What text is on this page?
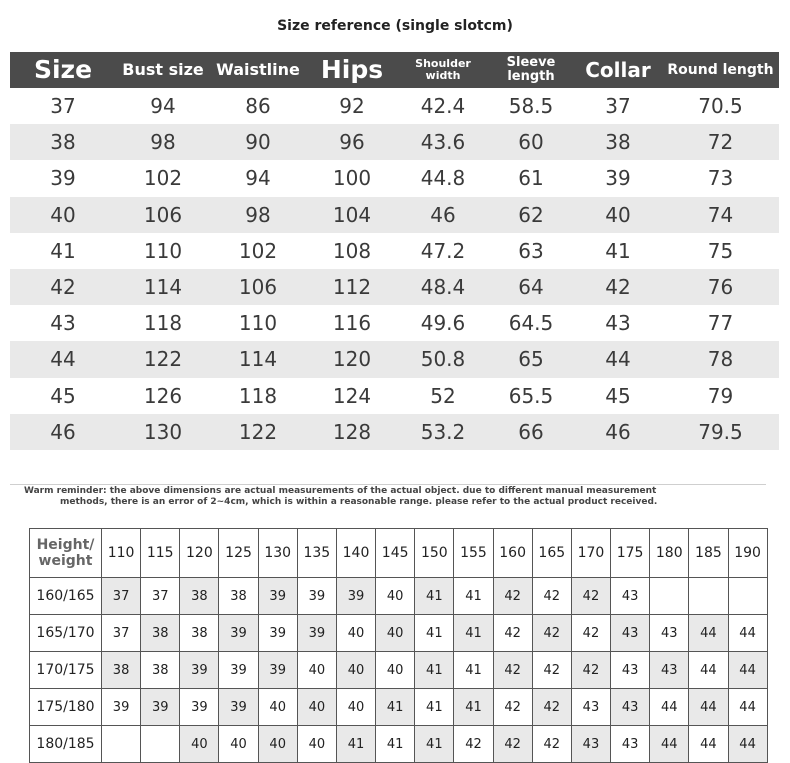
Size reference (single slotcm)
Size	Bust size	Waistline	Hips	Shoulder width	Sleeve length	Collar	Round length
37	94	86	92	42.4	58.5	37	70.5
38	98	90	96	43.6	60	38	72
39	102	94	100	44.8	61	39	73
40	106	98	104	46	62	40	74
41	110	102	108	47.2	63	41	75
42	114	106	112	48.4	64	42	76
43	118	110	116	49.6	64.5	43	77
44	122	114	120	50.8	65	44	78
45	126	118	124	52	65.5	45	79
46	130	122	128	53.2	66	46	79.5
Warm reminder: the above dimensions are actual measurements of the actual object. due to different manual measurement
methods, there is an error of 2~4cm, which is within a reasonable range. please refer to the actual product received.
Height/ weight	110	115	120	125	130	135	140	145	150	155	160	165	170	175	180	185	190
160/165	37	37	38	38	39	39	39	40	41	41	42	42	42	43			
165/170	37	38	38	39	39	39	40	40	41	41	42	42	42	43	43	44	44
170/175	38	38	39	39	39	40	40	40	41	41	42	42	42	43	43	44	44
175/180	39	39	39	39	40	40	40	41	41	41	42	42	43	43	44	44	44
180/185			40	40	40	40	41	41	41	42	42	42	43	43	44	44	44
